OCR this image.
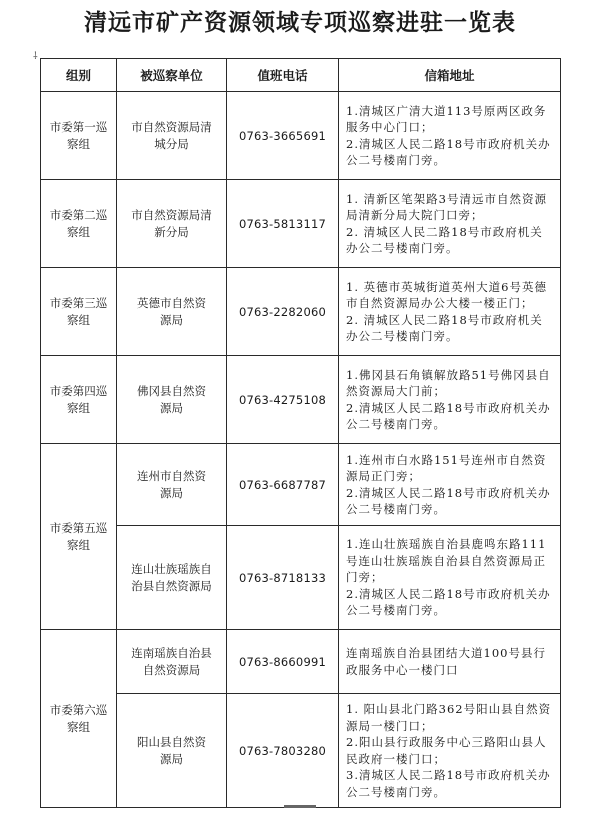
清远市矿产资源领域专项巡察进驻一览表
⸸
组别	被巡察单位	值班电话	信箱地址
市委第一巡察组	市自然资源局清城分局	0763-3665691	1.清城区广清大道113号原两区政务服务中心门口；
2.清城区人民二路18号市政府机关办公二号楼南门旁。

市委第二巡察组	市自然资源局清新分局	0763-5813117	1. 清新区笔架路3号清远市自然资源局清新分局大院门口旁；
2. 清城区人民二路18号市政府机关办公二号楼南门旁。

市委第三巡察组	英德市自然资源局	0763-2282060	1. 英德市英城街道英州大道6号英德市自然资源局办公大楼一楼正门；
2. 清城区人民二路18号市政府机关办公二号楼南门旁。

市委第四巡察组	佛冈县自然资源局	0763-4275108	1.佛冈县石角镇解放路51号佛冈县自然资源局大门前；
2.清城区人民二路18号市政府机关办公二号楼南门旁。

市委第五巡察组	连州市自然资源局	0763-6687787	1.连州市白水路151号连州市自然资源局正门旁；
2.清城区人民二路18号市政府机关办公二号楼南门旁。

	连山壮族瑶族自治县自然资源局	0763-8718133	1.连山壮族瑶族自治县鹿鸣东路111号连山壮族瑶族自治县自然资源局正门旁；
2.清城区人民二路18号市政府机关办公二号楼南门旁。

市委第六巡察组	连南瑶族自治县自然资源局	0763-8660991	连南瑶族自治县团结大道100号县行政服务中心一楼门口

	阳山县自然资源局	0763-7803280	1. 阳山县北门路362号阳山县自然资源局一楼门口；
2.阳山县行政服务中心三路阳山县人民政府一楼门口；
3.清城区人民二路18号市政府机关办公二号楼南门旁。
